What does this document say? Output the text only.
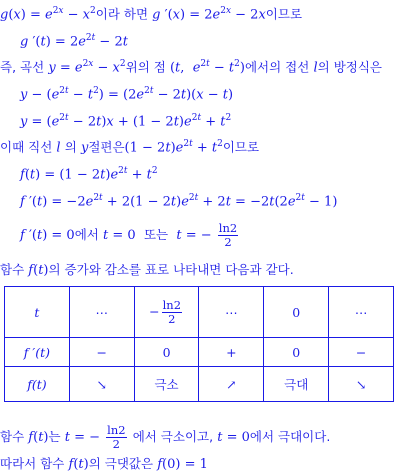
$g(x) = e^{2x} - x^2$이라 하면 g $'(x) = 2e^{2x} - 2x$이므로
g $'(t) = 2e^{2t} - 2t$
즉, 곡선 $y = e^{2x} - x^2$위의 점 (t,  $e^{2t} - t^2$)에서의 접선 l의 방정식은
$y - (e^{2t} - t^2) = (2e^{2t} - 2t)(x - t)$
$y = (e^{2t} - 2t)x + (1 - 2t)e^{2t} + t^2$
이때 직선 l 의 y절편은$(1 - 2t)e^{2t} + t^2$이므로
$f(t) = (1 - 2t)e^{2t} + t^2$
f $'(t) = -2e^{2t} + 2(1 - 2t)e^{2t} + 2t = -2t(2e^{2t} - 1)$
f ′(t) = 0에서 t = 0  또는 t = − $\frac{\ln 2}{2}$
함수 f(t)의 증가와 감소를 표로 나타내면 다음과 같다.
t	⋯	− $\frac{\ln 2}{2}$	⋯	0	⋯
f ′(t)	−	0	+	0	−
f(t)	↘	극소	↗	극대	↘
함수 f(t)는 t = − $\frac{\ln 2}{2}$ 에서 극소이고, t = 0에서 극대이다.
따라서 함수 f(t)의 극댓값은 f(0) = 1
